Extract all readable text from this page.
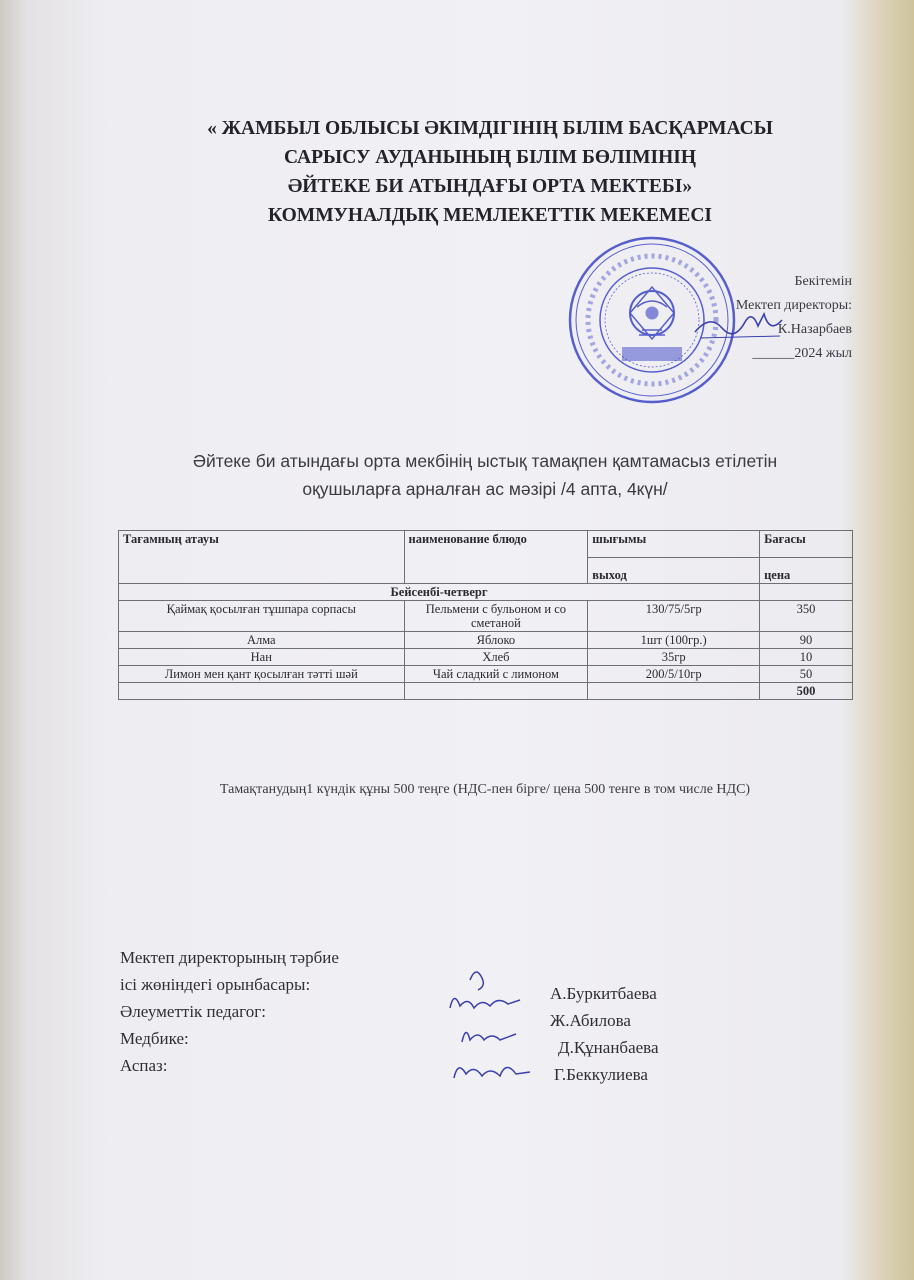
« ЖАМБЫЛ ОБЛЫСЫ ӘКІМДІГІНІҢ БІЛІМ БАСҚАРМАСЫ
САРЫСУ АУДАНЫНЫҢ БІЛІМ БӨЛІМІНІҢ
ӘЙТЕКЕ БИ АТЫНДАҒЫ ОРТА МЕКТЕБІ»
КОММУНАЛДЫҚ МЕМЛЕКЕТТІК МЕКЕМЕСІ
Бекітемін
Мектеп директоры:
К.Назарбаев
______2024 жыл
Әйтеке би атындағы орта мекбінің ыстық тамақпен қамтамасыз етілетін
оқушыларға арналған ас мәзірі /4 апта, 4күн/
Тағамның атауы	наименование блюдо	шығымы	Бағасы
		выход	цена
Бейсенбі-четверг			
Қаймақ қосылған тұшпара сорпасы	Пельмени с бульоном и со сметаной	130/75/5гр	350
Алма	Яблоко	1шт (100гр.)	90
Нан	Хлеб	35гр	10
Лимон мен қант қосылған тәтті шәй	Чай сладкий с лимоном	200/5/10гр	50
			500
Тамақтанудың1 күндік құны 500 теңге (НДС-пен бірге/ цена 500 тенге в том числе НДС)
Мектеп директорының тәрбие
ісі жөніндегі орынбасары:
Әлеуметтік педагог:
Медбике:
Аспаз:
А.Буркитбаева
Ж.Абилова
Д.Құнанбаева
Г.Беккулиева
